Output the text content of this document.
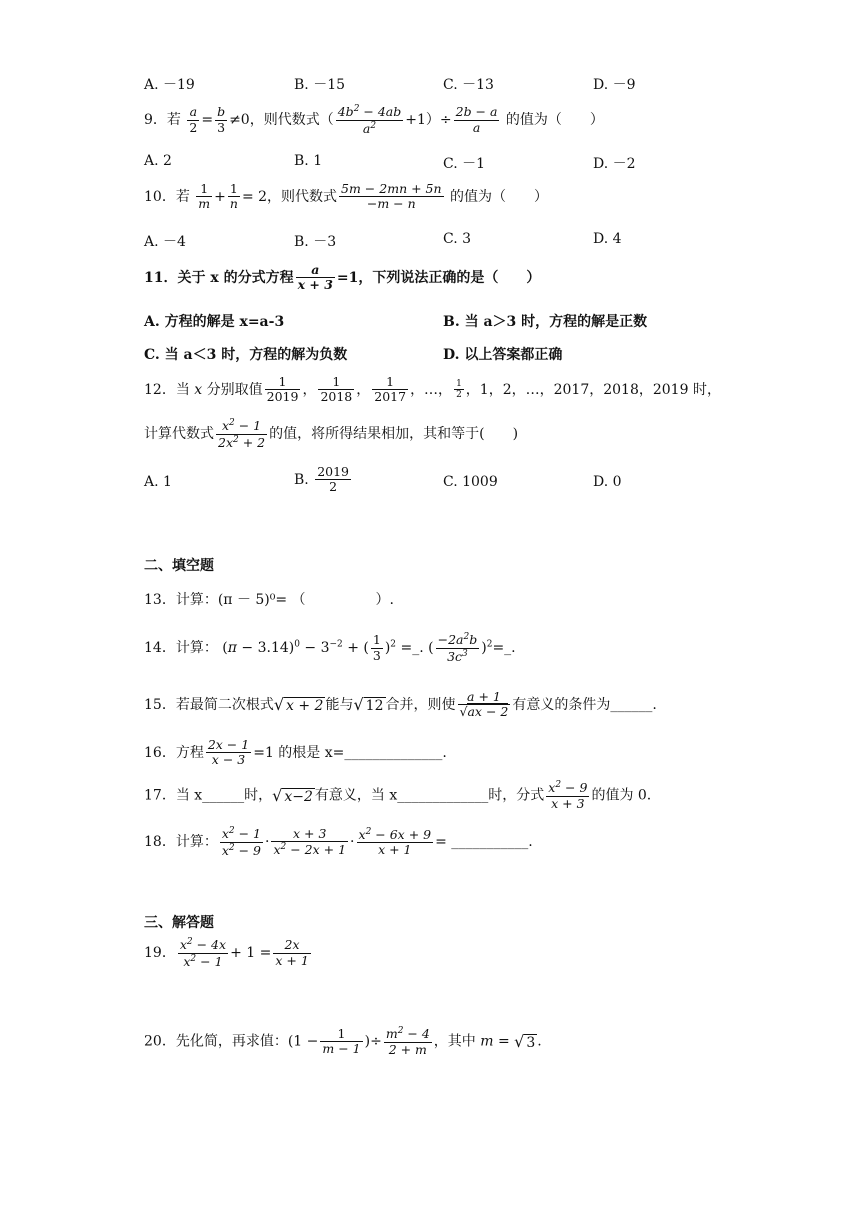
A. －19	B. －15	C. －13	D. －9
9．若 $\frac{a}{2} = \frac{b}{3} \ne 0$，则代数式（ $\frac{4b^2 - 4ab}{a^2} +1)\div \frac{2b - a}{a}$ 的值为（　　）
A. 2	B. 1	C. －1	D. －2
10．若 $\frac{1}{m} + \frac{1}{n} = 2$，则代数式 $\frac{5m - 2mn + 5n}{-m - n}$ 的值为（　　）
A. －4	B. －3	C. 3	D. 4
11．关于 x 的分式方程 $\frac{a}{x + 3} =1$，下列说法正确的是（　　）
A. 方程的解是 x=a-3	B. 当 a＞3 时，方程的解是正数
C. 当 a＜3 时，方程的解为负数	D. 以上答案都正确
12．当 x 分别取值 $\frac{1}{2019}$ ， $\frac{1}{2018}$ ， $\frac{1}{2017}$ ，…， $\frac{1}{2}$ ，1，2，…，2017，2018，2019 时，
计算代数式 $\frac{x^2 - 1}{2x^2 + 2}$ 的值，将所得结果相加，其和等于(　　)
A. 1	B. $\frac{2019}{2}$	C. 1009	D. 0
二、填空题
13．计算：(π － 5)⁰= （　　　　　）.
14．计算： $(\pi - 3.14)^0 - 3^{-2}$ + ( $\frac{1}{3} )^2$ =_. ( $\frac{-2a^2b}{3c^3}$ )$^2$=_.
15．若最简二次根式√ x + 2 能与√ 12 合并，则使 $\frac{a + 1}{√ax - 2}$ 有意义的条件为______.
16．方程 $\frac{2x - 1}{x - 3} =1$ 的根是 x=______________.
17．当 x______时，√ x−2 有意义，当 x_____________时，分式 $\frac{x^2 - 9}{x + 3}$ 的值为 0.
18．计算： $\frac{x^2 - 1}{x^2 - 9} \cdot \frac{x + 3}{x^2 - 2x + 1} \cdot \frac{x^2 - 6x + 9}{x + 1}$ = ___________.
三、解答题
19． $\frac{x^2 - 4x}{x^2 - 1} + 1 = \frac{2x}{x + 1}$
20．先化简，再求值：($1 - \frac{1}{m - 1}$ )÷ $\frac{m^2 - 4}{2 + m}$ ，其中 m = √ 3 .
